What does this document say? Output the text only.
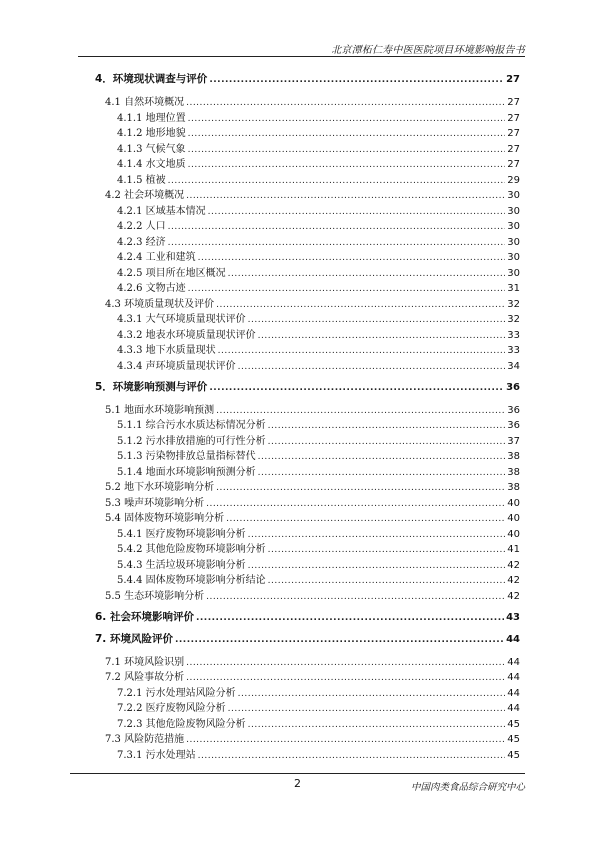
北京潭柘仁寿中医医院项目环境影响报告书
4．环境现状调查与评价 .....	27
4.1 自然环境概况 .....	27
4.1.1 地理位置 .....	27
4.1.2 地形地貌 .....	27
4.1.3 气候气象 .....	27
4.1.4 水文地质 .....	27
4.1.5 植被 .....	29
4.2 社会环境概况 .....	30
4.2.1 区域基本情况 .....	30
4.2.2 人口 .....	30
4.2.3 经济 .....	30
4.2.4 工业和建筑 .....	30
4.2.5 项目所在地区概况 .....	30
4.2.6 文物古迹 .....	31
4.3 环境质量现状及评价 .....	32
4.3.1 大气环境质量现状评价 .....	32
4.3.2 地表水环境质量现状评价 .....	33
4.3.3 地下水质量现状 .....	33
4.3.4 声环境质量现状评价 .....	34
5．环境影响预测与评价 .....	36
5.1 地面水环境影响预测 .....	36
5.1.1 综合污水水质达标情况分析 .....	36
5.1.2 污水排放措施的可行性分析 .....	37
5.1.3 污染物排放总量指标替代 .....	38
5.1.4 地面水环境影响预测分析 .....	38
5.2 地下水环境影响分析 .....	38
5.3 噪声环境影响分析 .....	40
5.4 固体废物环境影响分析 .....	40
5.4.1 医疗废物环境影响分析 .....	40
5.4.2 其他危险废物环境影响分析 .....	41
5.4.3 生活垃圾环境影响分析 .....	42
5.4.4 固体废物环境影响分析结论 .....	42
5.5 生态环境影响分析 .....	42
6. 社会环境影响评价 .....	43
7. 环境风险评价 .....	44
7.1 环境风险识别 .....	44
7.2 风险事故分析 .....	44
7.2.1 污水处理站风险分析 .....	44
7.2.2 医疗废物风险分析 .....	44
7.2.3 其他危险废物风险分析 .....	45
7.3 风险防范措施 .....	45
7.3.1 污水处理站 .....	45
2	中国肉类食品综合研究中心
